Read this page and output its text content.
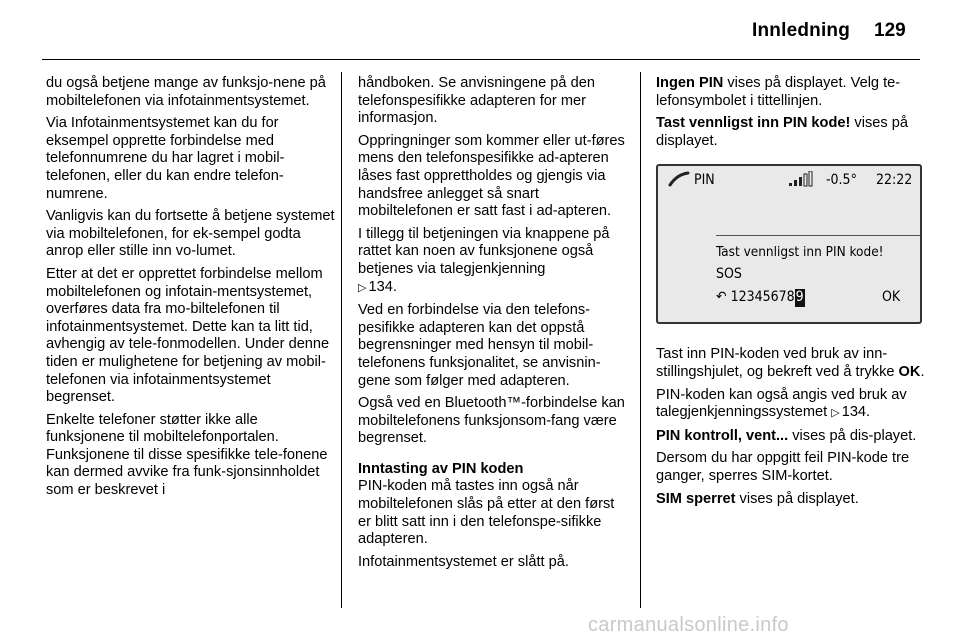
Innledning 129

du også betjene mange av funksjo-nene på mobiltelefonen via infotainmentsystemet.

Via Infotainmentsystemet kan du for eksempel opprette forbindelse med telefonnumrene du har lagret i mobil-telefonen, eller du kan endre telefon-numrene.

Vanligvis kan du fortsette å betjene systemet via mobiltelefonen, for ek-sempel godta anrop eller stille inn vo-lumet.

Etter at det er opprettet forbindelse mellom mobiltelefonen og infotain-mentsystemet, overføres data fra mo-biltelefonen til infotainmentsystemet. Dette kan ta litt tid, avhengig av tele-fonmodellen. Under denne tiden er mulighetene for betjening av mobil-telefonen via infotainmentsystemet begrenset.

Enkelte telefoner støtter ikke alle funksjonene til mobiltelefonportalen. Funksjonene til disse spesifikke tele-fonene kan dermed avvike fra funk-sjonsinnholdet som er beskrevet i

håndboken. Se anvisningene på den telefonspesifikke adapteren for mer informasjon.

Oppringninger som kommer eller ut-føres mens den telefonspesifikke ad-apteren låses fast opprettholdes og gjengis via handsfree anlegget så snart mobiltelefonen er satt fast i ad-apteren.

I tillegg til betjeningen via knappene på rattet kan noen av funksjonene også betjenes via talegjenkjenning
▷ 134.

Ved en forbindelse via den telefons-pesifikke adapteren kan det oppstå begrensninger med hensyn til mobil-telefonens funksjonalitet, se anvisnin-gene som følger med adapteren.

Også ved en Bluetooth™-forbindelse kan mobiltelefonens funksjonsom-fang være begrenset.

Inntasting av PIN koden

PIN-koden må tastes inn også når mobiltelefonen slås på etter at den først er blitt satt inn i den telefonspe-sifikke adapteren.

Infotainmentsystemet er slått på.

Ingen PIN vises på displayet. Velg te-lefonsymbolet i tittellinjen.

Tast vennligst inn PIN kode! vises på displayet.

PIN	-0.5° 22:22
Tast vennligst inn PIN kode!
SOS
↶ 123456789	OK

Tast inn PIN-koden ved bruk av inn-stillingshjulet, og bekreft ved å trykke OK.

PIN-koden kan også angis ved bruk av talegjenkjenningssystemet ▷ 134.

PIN kontroll, vent... vises på dis-playet.

Dersom du har oppgitt feil PIN-kode tre ganger, sperres SIM-kortet.

SIM sperret vises på displayet.

carmanualsonline.info
